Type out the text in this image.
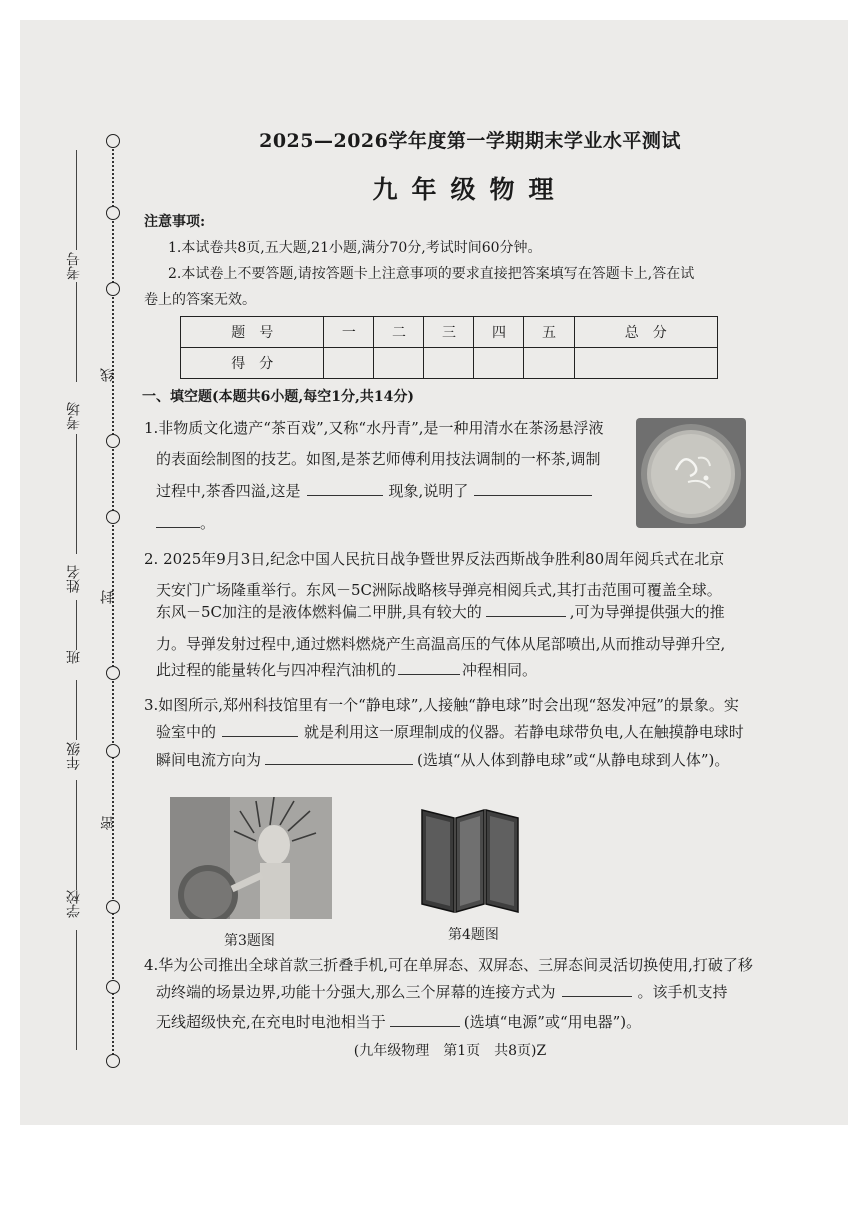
线
封
密
考号
考场
姓名
班
年级
学校
2025—2026学年度第一学期期末学业水平测试
九年级物理
注意事项:
1.本试卷共8页,五大题,21小题,满分70分,考试时间60分钟。
2.本试卷上不要答题,请按答题卡上注意事项的要求直接把答案填写在答题卡上,答在试
卷上的答案无效。
题　号	一	二	三	四	五	总　分
得　分						
一、填空题(本题共6小题,每空1分,共14分)
1.非物质文化遗产“茶百戏”,又称“水丹青”,是一种用清水在茶汤悬浮液
的表面绘制图的技艺。如图,是茶艺师傅利用技法调制的一杯茶,调制
过程中,茶香四溢,这是	现象,说明了
。
2. 2025年9月3日,纪念中国人民抗日战争暨世界反法西斯战争胜利80周年阅兵式在北京
天安门广场隆重举行。东风－5C洲际战略核导弹亮相阅兵式,其打击范围可覆盖全球。
东风－5C加注的是液体燃料偏二甲肼,具有较大的	,可为导弹提供强大的推
力。导弹发射过程中,通过燃料燃烧产生高温高压的气体从尾部喷出,从而推动导弹升空,
此过程的能量转化与四冲程汽油机的	冲程相同。
3.如图所示,郑州科技馆里有一个“静电球”,人接触“静电球”时会出现“怒发冲冠”的景象。实
验室中的	就是利用这一原理制成的仪器。若静电球带负电,人在触摸静电球时
瞬间电流方向为	(选填“从人体到静电球”或“从静电球到人体”)。
第3题图	第4题图
4.华为公司推出全球首款三折叠手机,可在单屏态、双屏态、三屏态间灵活切换使用,打破了移
动终端的场景边界,功能十分强大,那么三个屏幕的连接方式为	。该手机支持
无线超级快充,在充电时电池相当于	(选填“电源”或“用电器”)。
(九年级物理　第1页　共8页)Z
